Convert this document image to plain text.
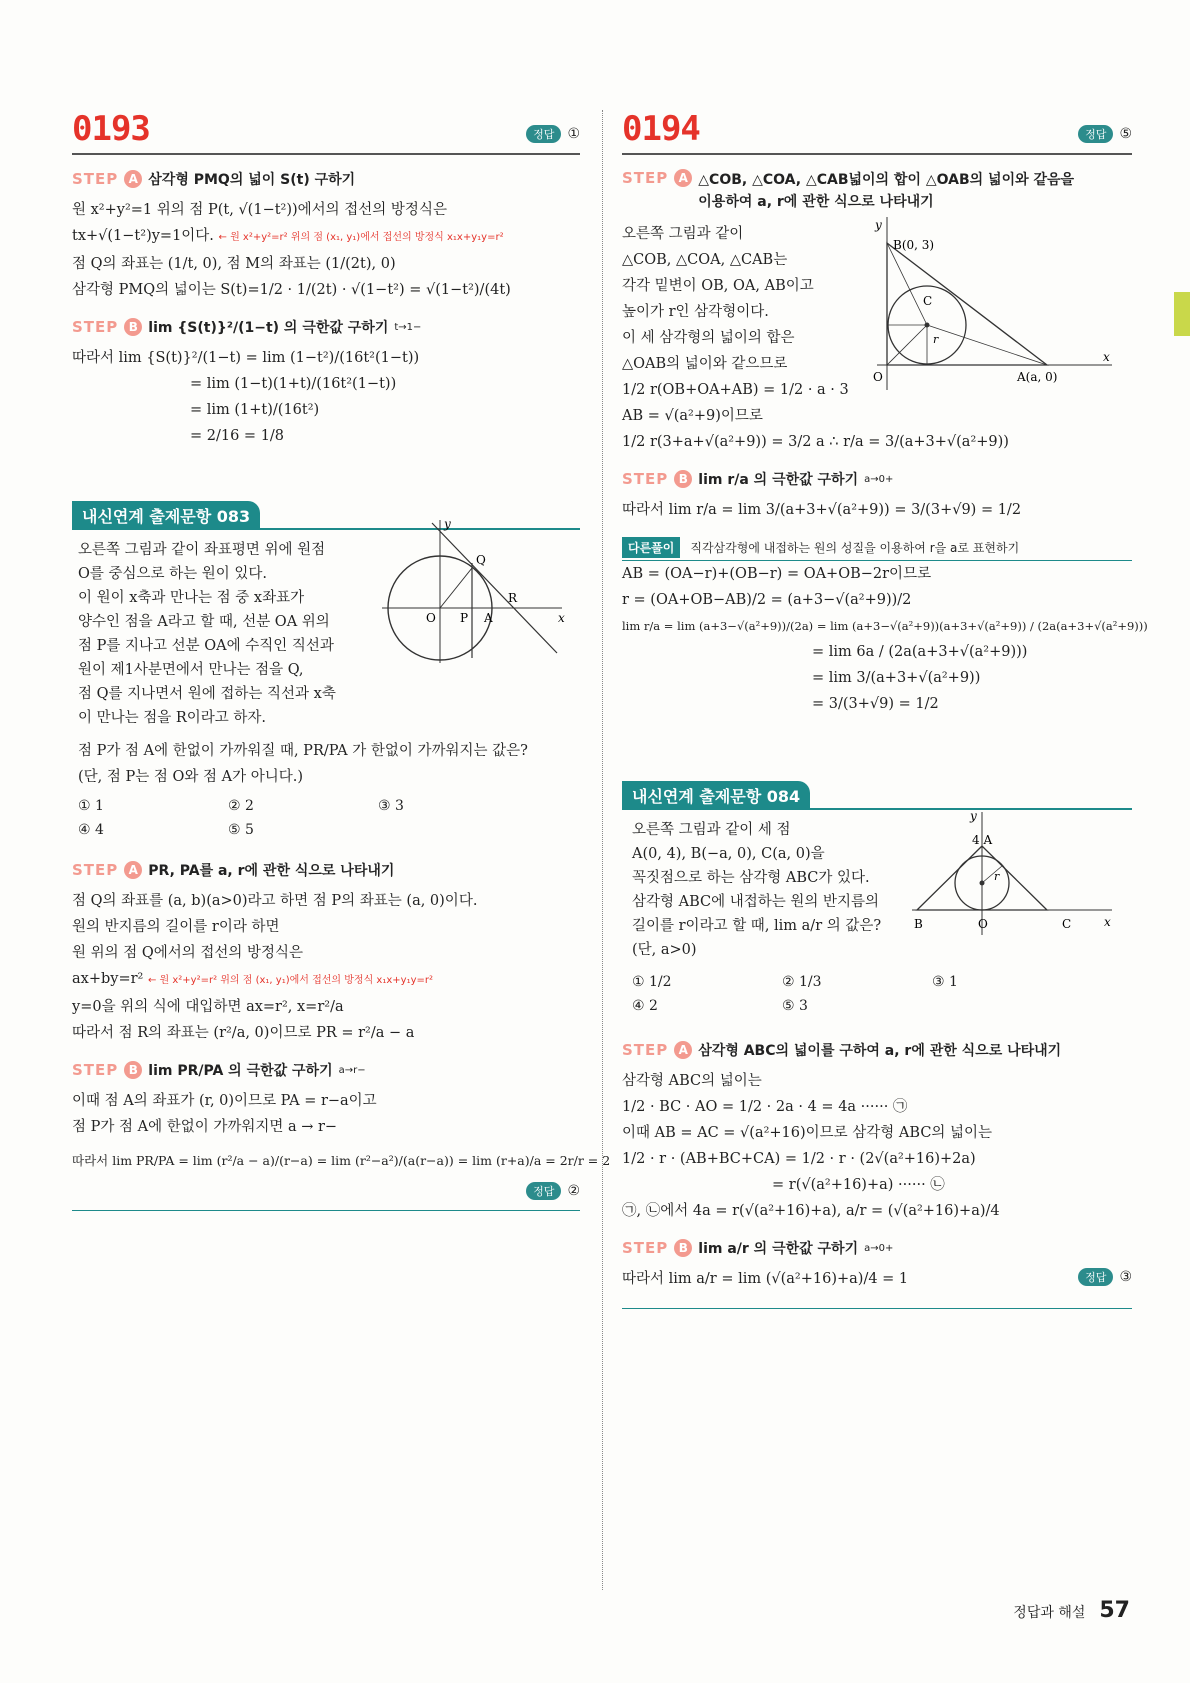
0193	정답 ①
STEP A 삼각형 PMQ의 넓이 S(t) 구하기

원 x²+y²=1 위의 점 P(t, √(1−t²))에서의 접선의 방정식은

tx+√(1−t²)y=1이다. ← 원 x²+y²=r² 위의 점 (x₁, y₁)에서 접선의 방정식 x₁x+y₁y=r²

점 Q의 좌표는 (1/t, 0), 점 M의 좌표는 (1/(2t), 0)

삼각형 PMQ의 넓이는 S(t)=1/2 · 1/(2t) · √(1−t²) = √(1−t²)/(4t)

STEP B lim {S(t)}²/(1−t) 의 극한값 구하기 t→1−

따라서 lim {S(t)}²/(1−t) = lim (1−t²)/(16t²(1−t))

= lim (1−t)(1+t)/(16t²(1−t))

= lim (1+t)/(16t²)

= 2/16 = 1/8

내신연계 출제문항 083
오른쪽 그림과 같이 좌표평면 위에 원점
O를 중심으로 하는 원이 있다.
이 원이 x축과 만나는 점 중 x좌표가
양수인 점을 A라고 할 때, 선분 OA 위의
점 P를 지나고 선분 OA에 수직인 직선과
원이 제1사분면에서 만나는 점을 Q,
점 Q를 지나면서 원에 접하는 직선과 x축
이 만나는 점을 R이라고 하자.
y
x
O P A
Q
R

점 P가 점 A에 한없이 가까워질 때, PR/PA 가 한없이 가까워지는 값은?

(단, 점 P는 점 O와 점 A가 아니다.)

① 1	② 2	③ 3
④ 4	⑤ 5
STEP A PR, PA를 a, r에 관한 식으로 나타내기

점 Q의 좌표를 (a, b)(a>0)라고 하면 점 P의 좌표는 (a, 0)이다.

원의 반지름의 길이를 r이라 하면

원 위의 점 Q에서의 접선의 방정식은

ax+by=r² ← 원 x²+y²=r² 위의 점 (x₁, y₁)에서 접선의 방정식 x₁x+y₁y=r²

y=0을 위의 식에 대입하면 ax=r², x=r²/a

따라서 점 R의 좌표는 (r²/a, 0)이므로 PR = r²/a − a

STEP B lim PR/PA 의 극한값 구하기 a→r−

이때 점 A의 좌표가 (r, 0)이므로 PA = r−a이고

점 P가 점 A에 한없이 가까워지면 a → r−

따라서 lim PR/PA = lim (r²/a − a)/(r−a) = lim (r²−a²)/(a(r−a)) = lim (r+a)/a = 2r/r = 2

정답 ②
0194	정답 ⑤
STEP A △COB, △COA, △CAB넓이의 합이 △OAB의 넓이와 같음을
이용하여 a, r에 관한 식으로 나타내기

오른쪽 그림과 같이

△COB, △COA, △CAB는

각각 밑변이 OB, OA, AB이고

높이가 r인 삼각형이다.

이 세 삼각형의 넓이의 합은

△OAB의 넓이와 같으므로

1/2 r(OB+OA+AB) = 1/2 · a · 3

AB = √(a²+9)이므로

1/2 r(3+a+√(a²+9)) = 3/2 a ∴ r/a = 3/(a+3+√(a²+9))

y
x
O
B(0, 3)
A(a, 0)
C
r
STEP B lim r/a 의 극한값 구하기 a→0+

따라서 lim r/a = lim 3/(a+3+√(a²+9)) = 3/(3+√9) = 1/2

다른풀이	직각삼각형에 내접하는 원의 성질을 이용하여 r을 a로 표현하기

AB = (OA−r)+(OB−r) = OA+OB−2r이므로

r = (OA+OB−AB)/2 = (a+3−√(a²+9))/2

lim r/a = lim (a+3−√(a²+9))/(2a) = lim (a+3−√(a²+9))(a+3+√(a²+9)) / (2a(a+3+√(a²+9)))

= lim 6a / (2a(a+3+√(a²+9)))

= lim 3/(a+3+√(a²+9))

= 3/(3+√9) = 1/2

내신연계 출제문항 084
오른쪽 그림과 같이 세 점
A(0, 4), B(−a, 0), C(a, 0)을
꼭짓점으로 하는 삼각형 ABC가 있다.
삼각형 ABC에 내접하는 원의 반지름의
길이를 r이라고 할 때, lim a/r 의 값은?
(단, a>0)
y
x
4 A
B	O	C
r
① 1/2	② 1/3	③ 1
④ 2	⑤ 3
STEP A 삼각형 ABC의 넓이를 구하여 a, r에 관한 식으로 나타내기

삼각형 ABC의 넓이는

1/2 · BC · AO = 1/2 · 2a · 4 = 4a ······ ㉠

이때 AB = AC = √(a²+16)이므로 삼각형 ABC의 넓이는

1/2 · r · (AB+BC+CA) = 1/2 · r · (2√(a²+16)+2a)

= r(√(a²+16)+a) ······ ㉡

㉠, ㉡에서 4a = r(√(a²+16)+a), a/r = (√(a²+16)+a)/4

STEP B lim a/r 의 극한값 구하기 a→0+

따라서 lim a/r = lim (√(a²+16)+a)/4 = 1	정답 ③
정답과 해설 57
